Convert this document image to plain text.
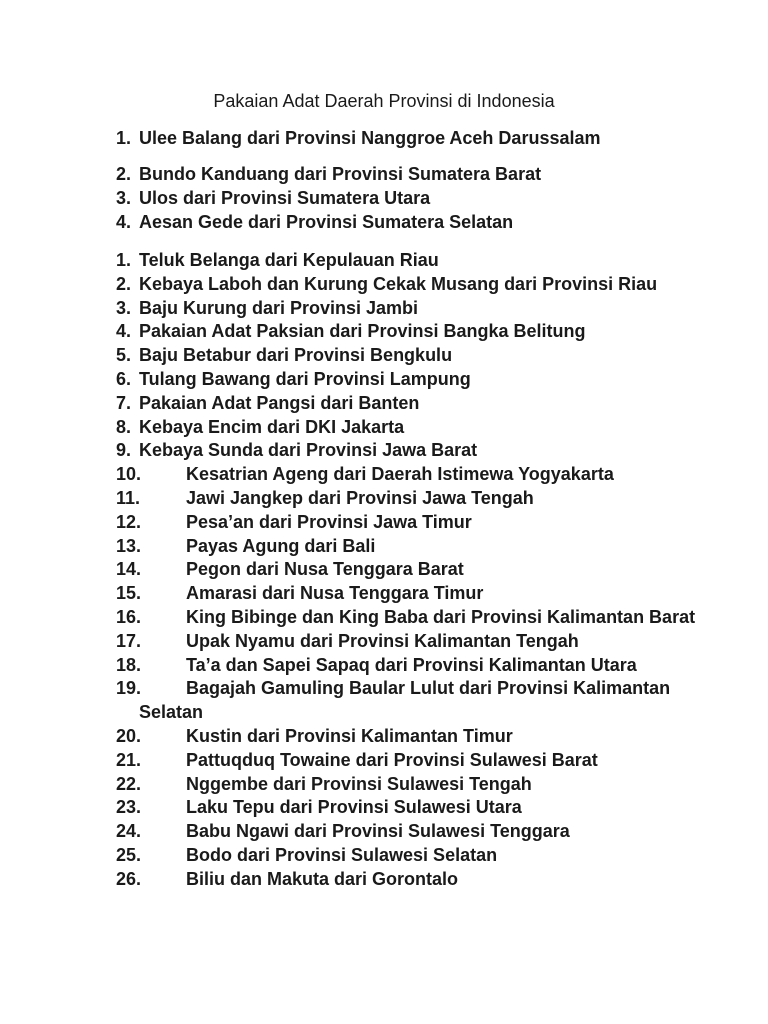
Pakaian Adat Daerah Provinsi di Indonesia
1. Ulee Balang dari Provinsi Nanggroe Aceh Darussalam
2. Bundo Kanduang dari Provinsi Sumatera Barat
3. Ulos dari Provinsi Sumatera Utara
4. Aesan Gede dari Provinsi Sumatera Selatan
1. Teluk Belanga dari Kepulauan Riau
2. Kebaya Laboh dan Kurung Cekak Musang dari Provinsi Riau
3. Baju Kurung dari Provinsi Jambi
4. Pakaian Adat Paksian dari Provinsi Bangka Belitung
5. Baju Betabur dari Provinsi Bengkulu
6. Tulang Bawang dari Provinsi Lampung
7. Pakaian Adat Pangsi dari Banten
8. Kebaya Encim dari DKI Jakarta
9. Kebaya Sunda dari Provinsi Jawa Barat
10. Kesatrian Ageng dari Daerah Istimewa Yogyakarta
11.	Jawi Jangkep dari Provinsi Jawa Tengah
12. Pesa’an dari Provinsi Jawa Timur
13. Payas Agung dari Bali
14. Pegon dari Nusa Tenggara Barat
15. Amarasi dari Nusa Tenggara Timur
16. King Bibinge dan King Baba dari Provinsi Kalimantan Barat
17. Upak Nyamu dari Provinsi Kalimantan Tengah
18. Ta’a dan Sapei Sapaq dari Provinsi Kalimantan Utara
19. Bagajah Gamuling Baular Lulut dari Provinsi Kalimantan Selatan
20. Kustin dari Provinsi Kalimantan Timur
21. Pattuqduq Towaine dari Provinsi Sulawesi Barat
22. Nggembe dari Provinsi Sulawesi Tengah
23. Laku Tepu dari Provinsi Sulawesi Utara
24. Babu Ngawi dari Provinsi Sulawesi Tenggara
25. Bodo dari Provinsi Sulawesi Selatan
26. Biliu dan Makuta dari Gorontalo
